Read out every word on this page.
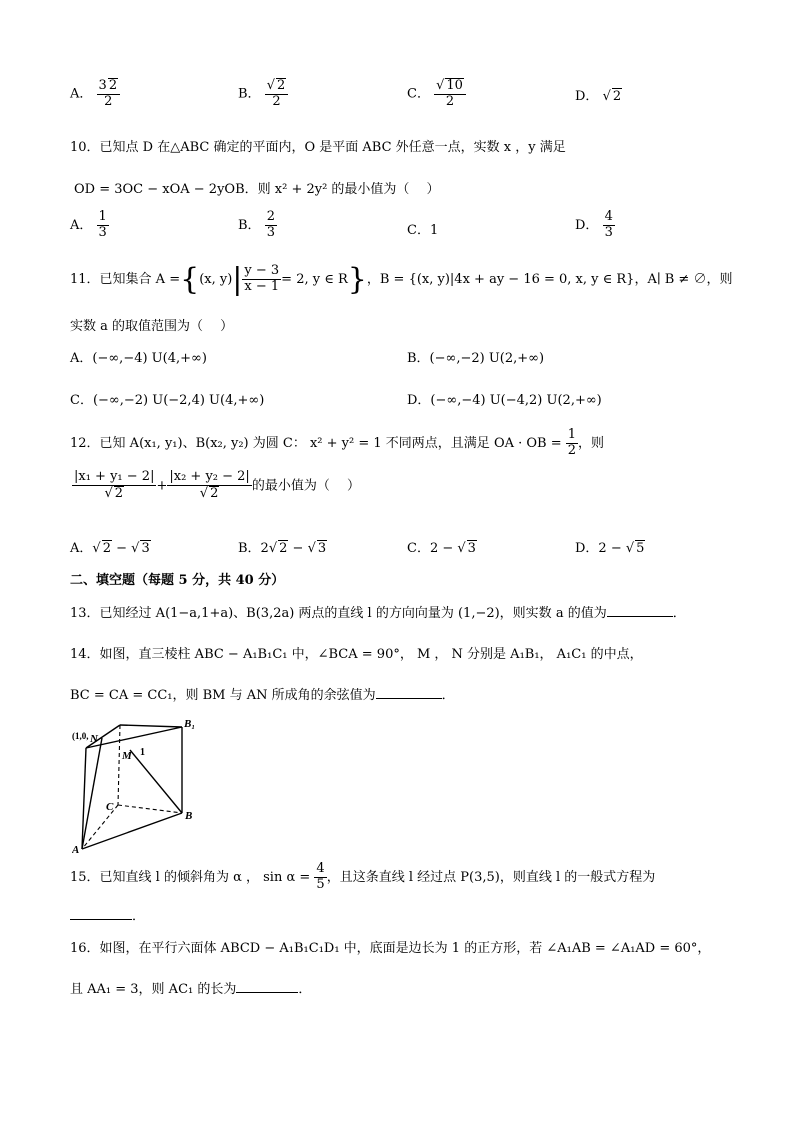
A． $\frac{3 2}{2}$	B． $\frac{√ 2}{2}$	C． $\frac{√ 10}{2}$	D． √ 2
10．已知点 D 在△ABC 确定的平面内，O 是平面 ABC 外任意一点，实数 x ，y 满足
OD = 3OC − xOA − 2yOB．则 x² + 2y² 的最小值为（　 ）
A． $\frac{1}{3}$	B． $\frac{2}{3}$	C．1	D． $\frac{4}{3}$
11．已知集合 A ={(x, $y)| \frac{y - 3}{x - 1} = 2$, y ∈ R}，B = {(x, y)|4x + ay − 16 = 0, x, y ∈ R}，A∣ B ≠ ∅，则
实数 a 的取值范围为（　 ）
A．(−∞,−4) U(4,+∞)	B．(−∞,−2) U(2,+∞)
C．(−∞,−2) U(−2,4) U(4,+∞)	D．(−∞,−4) U(−4,2) U(2,+∞)
12．已知 A(x₁, y₁)、B(x₂, y₂) 为圆 C： x² + y² = 1 不同两点，且满足 OA · OB = $\frac{1}{2}$ ，则
$\frac{\text{|x₁ + y₁ − 2|}}{√ 2} + \frac{\text{|x₂ + y₂ − 2|}}{√ 2}$ 的最小值为（　 ）
A．√ 2 − √ 3	B．2√ 2 − √ 3	C．2 − √ 3	D．2 − √ 5
二、填空题（每题 5 分，共 40 分）
13．已知经过 A(1−a,1+a)、B(3,2a) 两点的直线 l 的方向向量为 (1,−2)，则实数 a 的值为	．
14．如图，直三棱柱 ABC − A₁B₁C₁ 中，∠BCA = 90°， M ， N 分别是 A₁B₁， A₁C₁ 的中点，
BC = CA = CC₁，则 BM 与 AN 所成角的余弦值为	．
B₁
M
N
C
B
A
(1,0,
1
15．已知直线 l 的倾斜角为 α ， $\sin \alpha = \frac{4}{5}$ ，且这条直线 l 经过点 P(3,5)，则直线 l 的一般式方程为
．
16．如图，在平行六面体 ABCD − A₁B₁C₁D₁ 中，底面是边长为 1 的正方形，若 ∠A₁AB = ∠A₁AD = 60°，
且 AA₁ = 3，则 AC₁ 的长为	．
